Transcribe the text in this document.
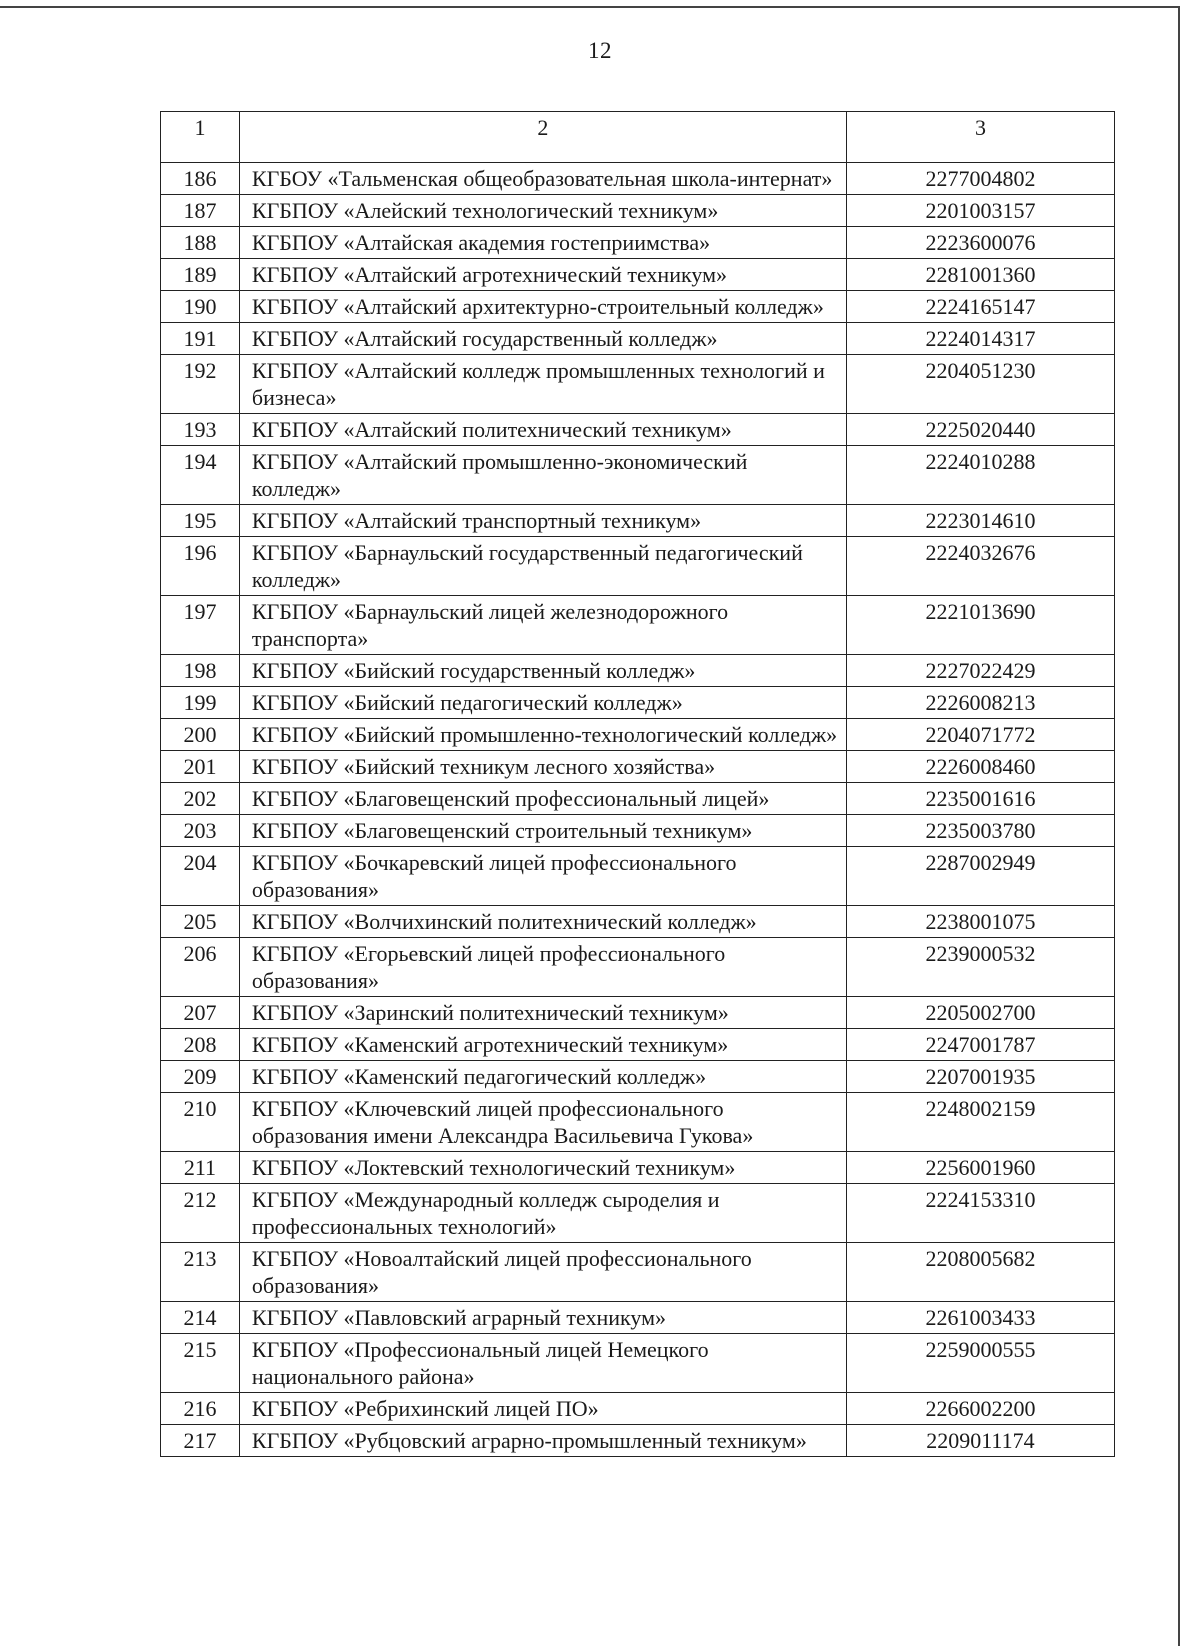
12
1	2	3
186	КГБОУ «Тальменская общеобразовательная школа-интернат»	2277004802
187	КГБПОУ «Алейский технологический техникум»	2201003157
188	КГБПОУ «Алтайская академия гостеприимства»	2223600076
189	КГБПОУ «Алтайский агротехнический техникум»	2281001360
190	КГБПОУ «Алтайский архитектурно-строительный колледж»	2224165147
191	КГБПОУ «Алтайский государственный колледж»	2224014317
192	КГБПОУ «Алтайский колледж промышленных технологий и бизнеса»	2204051230
193	КГБПОУ «Алтайский политехнический техникум»	2225020440
194	КГБПОУ «Алтайский промышленно-экономический колледж»	2224010288
195	КГБПОУ «Алтайский транспортный техникум»	2223014610
196	КГБПОУ «Барнаульский государственный педагогический колледж»	2224032676
197	КГБПОУ «Барнаульский лицей железнодорожного транспорта»	2221013690
198	КГБПОУ «Бийский государственный колледж»	2227022429
199	КГБПОУ «Бийский педагогический колледж»	2226008213
200	КГБПОУ «Бийский промышленно-технологический колледж»	2204071772
201	КГБПОУ «Бийский техникум лесного хозяйства»	2226008460
202	КГБПОУ «Благовещенский профессиональный лицей»	2235001616
203	КГБПОУ «Благовещенский строительный техникум»	2235003780
204	КГБПОУ «Бочкаревский лицей профессионального образования»	2287002949
205	КГБПОУ «Волчихинский политехнический колледж»	2238001075
206	КГБПОУ «Егорьевский лицей профессионального образования»	2239000532
207	КГБПОУ «Заринский политехнический техникум»	2205002700
208	КГБПОУ «Каменский агротехнический техникум»	2247001787
209	КГБПОУ «Каменский педагогический колледж»	2207001935
210	КГБПОУ «Ключевский лицей профессионального образования имени Александра Васильевича Гукова»	2248002159
211	КГБПОУ «Локтевский технологический техникум»	2256001960
212	КГБПОУ «Международный колледж сыроделия и профессиональных технологий»	2224153310
213	КГБПОУ «Новоалтайский лицей профессионального образования»	2208005682
214	КГБПОУ «Павловский аграрный техникум»	2261003433
215	КГБПОУ «Профессиональный лицей Немецкого национального района»	2259000555
216	КГБПОУ «Ребрихинский лицей ПО»	2266002200
217	КГБПОУ «Рубцовский аграрно-промышленный техникум»	2209011174
